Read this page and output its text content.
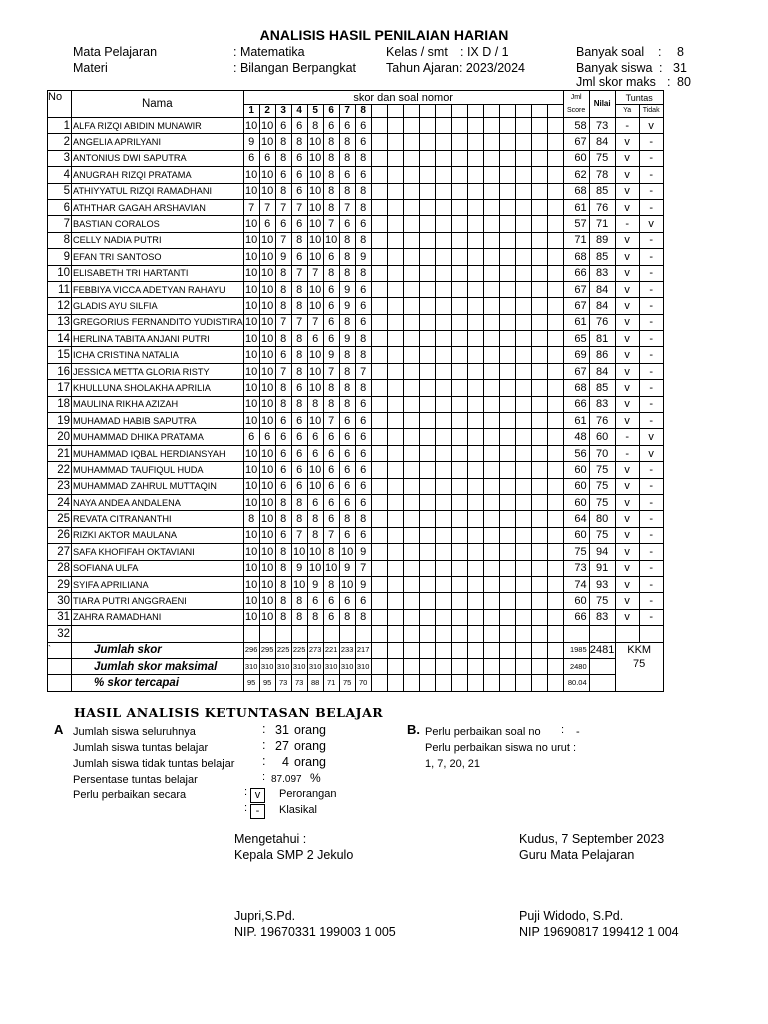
ANALISIS HASIL PENILAIAN HARIAN
Mata Pelajaran	: Matematika
Materi	: Bilangan Berpangkat
Kelas / smt : IX D / 1
Tahun Ajaran: 2023/2024
Banyak soal : 8
Banyak siswa : 31
Jml skor maks : 80
No	Nama	skor dan soal nomor																				Jml	Nilai	Tuntas	
		1	2	3	4	5	6	7	8													Score		Ya	Tidak
1	ALFA RIZQI ABIDIN MUNAWIR	10	10	6	6	8	6	6	6													58	73	-	v
2	ANGELIA APRILYANI	9	10	8	8	10	8	8	6													67	84	v	-
3	ANTONIUS DWI SAPUTRA	6	6	8	6	10	8	8	8													60	75	v	-
4	ANUGRAH RIZQI PRATAMA	10	10	6	6	10	8	6	6													62	78	v	-
5	ATHIYYATUL RIZQI RAMADHANI	10	10	8	6	10	8	8	8													68	85	v	-
6	ATHTHAR GAGAH ARSHAVIAN	7	7	7	7	10	8	7	8													61	76	v	-
7	BASTIAN CORALOS	10	6	6	6	10	7	6	6													57	71	-	v
8	CELLY NADIA PUTRI	10	10	7	8	10	10	8	8													71	89	v	-
9	EFAN TRI SANTOSO	10	10	9	6	10	6	8	9													68	85	v	-
10	ELISABETH TRI HARTANTI	10	10	8	7	7	8	8	8													66	83	v	-
11	FEBBIYA VICCA ADETYAN RAHAYU	10	10	8	8	10	6	9	6													67	84	v	-
12	GLADIS AYU SILFIA	10	10	8	8	10	6	9	6													67	84	v	-
13	GREGORIUS FERNANDITO YUDISTIRA	10	10	7	7	7	6	8	6													61	76	v	-
14	HERLINA TABITA ANJANI PUTRI	10	10	8	8	6	6	9	8													65	81	v	-
15	ICHA CRISTINA NATALIA	10	10	6	8	10	9	8	8													69	86	v	-
16	JESSICA METTA GLORIA RISTY	10	10	7	8	10	7	8	7													67	84	v	-
17	KHULLUNA SHOLAKHA APRILIA	10	10	8	6	10	8	8	8													68	85	v	-
18	MAULINA RIKHA AZIZAH	10	10	8	8	8	8	8	6													66	83	v	-
19	MUHAMAD HABIB SAPUTRA	10	10	6	6	10	7	6	6													61	76	v	-
20	MUHAMMAD DHIKA PRATAMA	6	6	6	6	6	6	6	6													48	60	-	v
21	MUHAMMAD IQBAL HERDIANSYAH	10	10	6	6	6	6	6	6													56	70	-	v
22	MUHAMMAD TAUFIQUL HUDA	10	10	6	6	10	6	6	6													60	75	v	-
23	MUHAMMAD ZAHRUL MUTTAQIN	10	10	6	6	10	6	6	6													60	75	v	-
24	NAYA ANDEA ANDALENA	10	10	8	8	6	6	6	6													60	75	v	-
25	REVATA CITRANANTHI	8	10	8	8	8	6	8	8													64	80	v	-
26	RIZKI AKTOR MAULANA	10	10	6	7	8	7	6	6													60	75	v	-
27	SAFA KHOFIFAH OKTAVIANI	10	10	8	10	10	8	10	9													75	94	v	-
28	SOFIANA ULFA	10	10	8	9	10	10	9	7													73	91	v	-
29	SYIFA APRILIANA	10	10	8	10	9	8	10	9													74	93	v	-
30	TIARA PUTRI ANGGRAENI	10	10	8	8	6	6	6	6													60	75	v	-
31	ZAHRA RAMADHANI	10	10	8	8	8	6	8	8													66	83	v	-
32																									
`	Jumlah skor	296	295	225	225	273	221	233	217													1985	2481	KKM	
	Jumlah skor maksimal	310	310	310	310	310	310	310	310													2480		75	
	% skor tercapai	95	95	73	73	88	71	75	70													80.04			
HASIL ANALISIS KETUNTASAN BELAJAR
A Jumlah siswa seluruhnya	: 31 orang
Jumlah siswa tuntas belajar	: 27 orang
Jumlah siswa tidak tuntas belajar : 4 orang
Persentase tuntas belajar	: 87.097 %
Perlu perbaikan secara	: v	Perorangan
: -	Klasikal
B. Perlu perbaikan soal no : -
Perlu perbaikan siswa no urut :
1, 7, 20, 21
Mengetahui :
Kepala SMP 2 Jekulo
Jupri,S.Pd.
NIP. 19670331 199003 1 005
Kudus, 7 September 2023
Guru Mata Pelajaran
Puji Widodo, S.Pd.
NIP 19690817 199412 1 004
